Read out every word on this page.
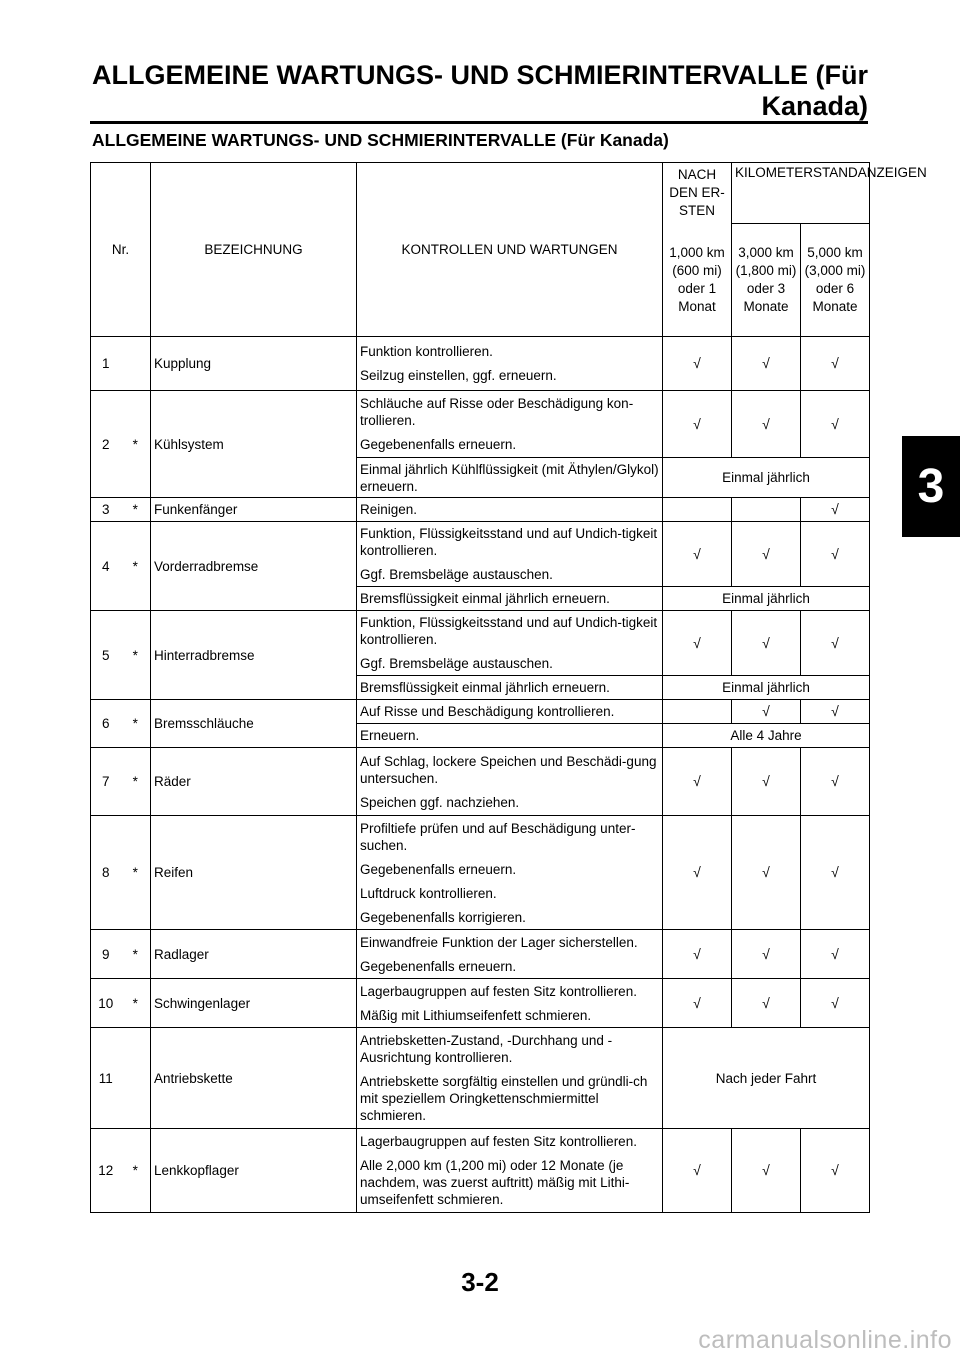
ALLGEMEINE WARTUNGS- UND SCHMIERINTERVALLE (Für
Kanada)
ALLGEMEINE WARTUNGS- UND SCHMIERINTERVALLE (Für Kanada)
3
Nr.		BEZEICHNUNG	KONTROLLEN UND WARTUNGEN	NACH DEN ER-STEN	KILOMETERSTANDANZEIGEN	
				1,000 km (600 mi) oder 1 Monat	3,000 km (1,800 mi) oder 3 Monate	5,000 km (3,000 mi) oder 6 Monate
1		Kupplung	Funktion kontrollieren.

Seilzug einstellen, ggf. erneuern.	√	√	√
2	*	Kühlsystem	Schläuche auf Risse oder Beschädigung kon-trollieren.

Gegebenenfalls erneuern.	√	√	√

			Einmal jährlich Kühlflüssigkeit (mit Äthylen/Glykol) erneuern.	Einmal jährlich		
3	*	Funkenfänger	Reinigen.			√
4	*	Vorderradbremse	Funktion, Flüssigkeitsstand und auf Undich-tigkeit kontrollieren.

Ggf. Bremsbeläge austauschen.	√	√	√

			Bremsflüssigkeit einmal jährlich erneuern.	Einmal jährlich		
5	*	Hinterradbremse	Funktion, Flüssigkeitsstand und auf Undich-tigkeit kontrollieren.

Ggf. Bremsbeläge austauschen.	√	√	√

			Bremsflüssigkeit einmal jährlich erneuern.	Einmal jährlich		
6	*	Bremsschläuche	Auf Risse und Beschädigung kontrollieren.		√	√

			Erneuern.	Alle 4 Jahre		
7	*	Räder	Auf Schlag, lockere Speichen und Beschädi-gung untersuchen.

Speichen ggf. nachziehen.	√	√	√
8	*	Reifen	Profiltiefe prüfen und auf Beschädigung unter-suchen.

Gegebenenfalls erneuern.

Luftdruck kontrollieren.

Gegebenenfalls korrigieren.	√	√	√
9	*	Radlager	Einwandfreie Funktion der Lager sicherstellen.

Gegebenenfalls erneuern.	√	√	√
10	*	Schwingenlager	Lagerbaugruppen auf festen Sitz kontrollieren.

Mäßig mit Lithiumseifenfett schmieren.	√	√	√
11		Antriebskette	Antriebsketten-Zustand, -Durchhang und -Ausrichtung kontrollieren.

Antriebskette sorgfältig einstellen und gründli-ch mit speziellem Oringkettenschmiermittel schmieren.	Nach jeder Fahrt		
12	*	Lenkkopflager	Lagerbaugruppen auf festen Sitz kontrollieren.

Alle 2,000 km (1,200 mi) oder 12 Monate (je nachdem, was zuerst auftritt) mäßig mit Lithi-umseifenfett schmieren.	√	√	√
3-2
carmanualsonline.info
